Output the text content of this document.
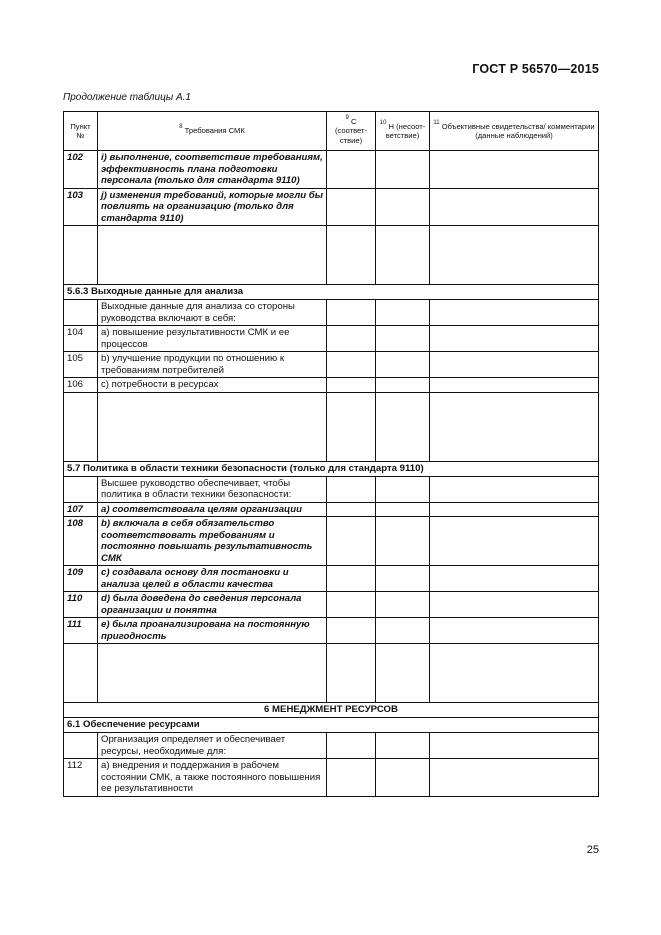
ГОСТ Р 56570—2015
Продолжение таблицы А.1
Пункт №	$^8$ Требования СМК	$^9$ С (соответ-ствие)	$^{10}$ Н (несоот-ветствие)	$^{11}$ Объективные свидетельства/ комментарии (данные наблюдений)
102	i) выполнение, соответствие требованиям, эффективность плана подготовки персонала (только для стандарта 9110)			
103	j) изменения требований, которые могли бы повлиять на организацию (только для стандарта 9110)			

5.6.3 Выходные данные для анализа				
	Выходные данные для анализа со стороны руководства включают в себя:			
104	а) повышение результативности СМК и ее процессов			
105	b) улучшение продукции по отношению к требованиям потребителей			
106	с) потребности в ресурсах			

5.7 Политика в области техники безопасности (только для стандарта 9110)				
	Высшее руководство обеспечивает, чтобы политика в области техники безопасности:			
107	а) соответствовала целям организации			
108	b) включала в себя обязательство соответствовать требованиям и постоянно повышать результативность СМК			
109	с) создавала основу для постановки и анализа целей в области качества			
110	d) была доведена до сведения персонала организации и понятна			
111	е) была проанализирована на постоянную пригодность			

6 МЕНЕДЖМЕНТ РЕСУРСОВ				
6.1 Обеспечение ресурсами				
	Организация определяет и обеспечивает ресурсы, необходимые для:			
112	а) внедрения и поддержания в рабочем состоянии СМК, а также постоянного повышения ее результативности			
25
